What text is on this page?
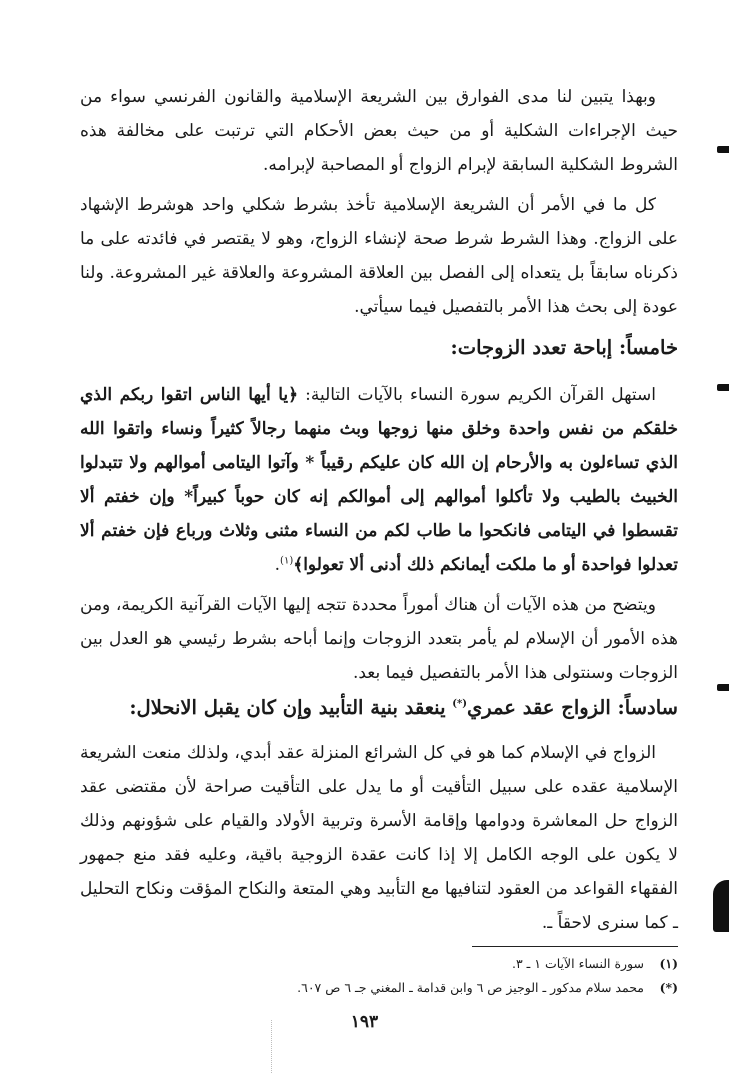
وبهذا يتبين لنا مدى الفوارق بين الشريعة الإسلامية والقانون الفرنسي سواء من حيث الإجراءات الشكلية أو من حيث بعض الأحكام التي ترتبت على مخالفة هذه الشروط الشكلية السابقة لإبرام الزواج أو المصاحبة لإبرامه.

كل ما في الأمر أن الشريعة الإسلامية تأخذ بشرط شكلي واحد هوشرط الإشهاد على الزواج. وهذا الشرط شرط صحة لإنشاء الزواج، وهو لا يقتصر في فائدته على ما ذكرناه سابقاً بل يتعداه إلى الفصل بين العلاقة المشروعة والعلاقة غير المشروعة. ولنا عودة إلى بحث هذا الأمر بالتفصيل فيما سيأتي.

خامساً: إباحة تعدد الزوجات:

استهل القرآن الكريم سورة النساء بالآيات التالية: ﴿يا أيها الناس اتقوا ربكم الذي خلقكم من نفس واحدة وخلق منها زوجها وبث منهما رجالاً كثيراً ونساء واتقوا الله الذي تساءلون به والأرحام إن الله كان عليكم رقيباً * وآتوا اليتامى أموالهم ولا تتبدلوا الخبيث بالطيب ولا تأكلوا أموالهم إلى أموالكم إنه كان حوباً كبيراً* وإن خفتم ألا تقسطوا في اليتامى فانكحوا ما طاب لكم من النساء مثنى وثلاث ورباع فإن خفتم ألا تعدلوا فواحدة أو ما ملكت أيمانكم ذلك أدنى ألا تعولوا﴾$^{(١)}$.

ويتضح من هذه الآيات أن هناك أموراً محددة تتجه إليها الآيات القرآنية الكريمة، ومن هذه الأمور أن الإسلام لم يأمر بتعدد الزوجات وإنما أباحه بشرط رئيسي هو العدل بين الزوجات وسنتولى هذا الأمر بالتفصيل فيما بعد.

سادساً: الزواج عقد عمري(*) ينعقد بنية التأبيد وإن كان يقبل الانحلال:

الزواج في الإسلام كما هو في كل الشرائع المنزلة عقد أبدي، ولذلك منعت الشريعة الإسلامية عقده على سبيل التأقيت أو ما يدل على التأقيت صراحة لأن مقتضى عقد الزواج حل المعاشرة ودوامها وإقامة الأسرة وتربية الأولاد والقيام على شؤونهم وذلك لا يكون على الوجه الكامل إلا إذا كانت عقدة الزوجية باقية، وعليه فقد منع جمهور الفقهاء القواعد من العقود لتنافيها مع التأبيد وهي المتعة والنكاح المؤقت ونكاح التحليل ـ كما سنرى لاحقاً ـ.

(١)سورة النساء الآيات ١ ـ ٣.
(*)محمد سلام مدكور ـ الوجيز ص ٦ وابن قدامة ـ المغني جـ ٦ ص ٦٠٧.
١٩٣
